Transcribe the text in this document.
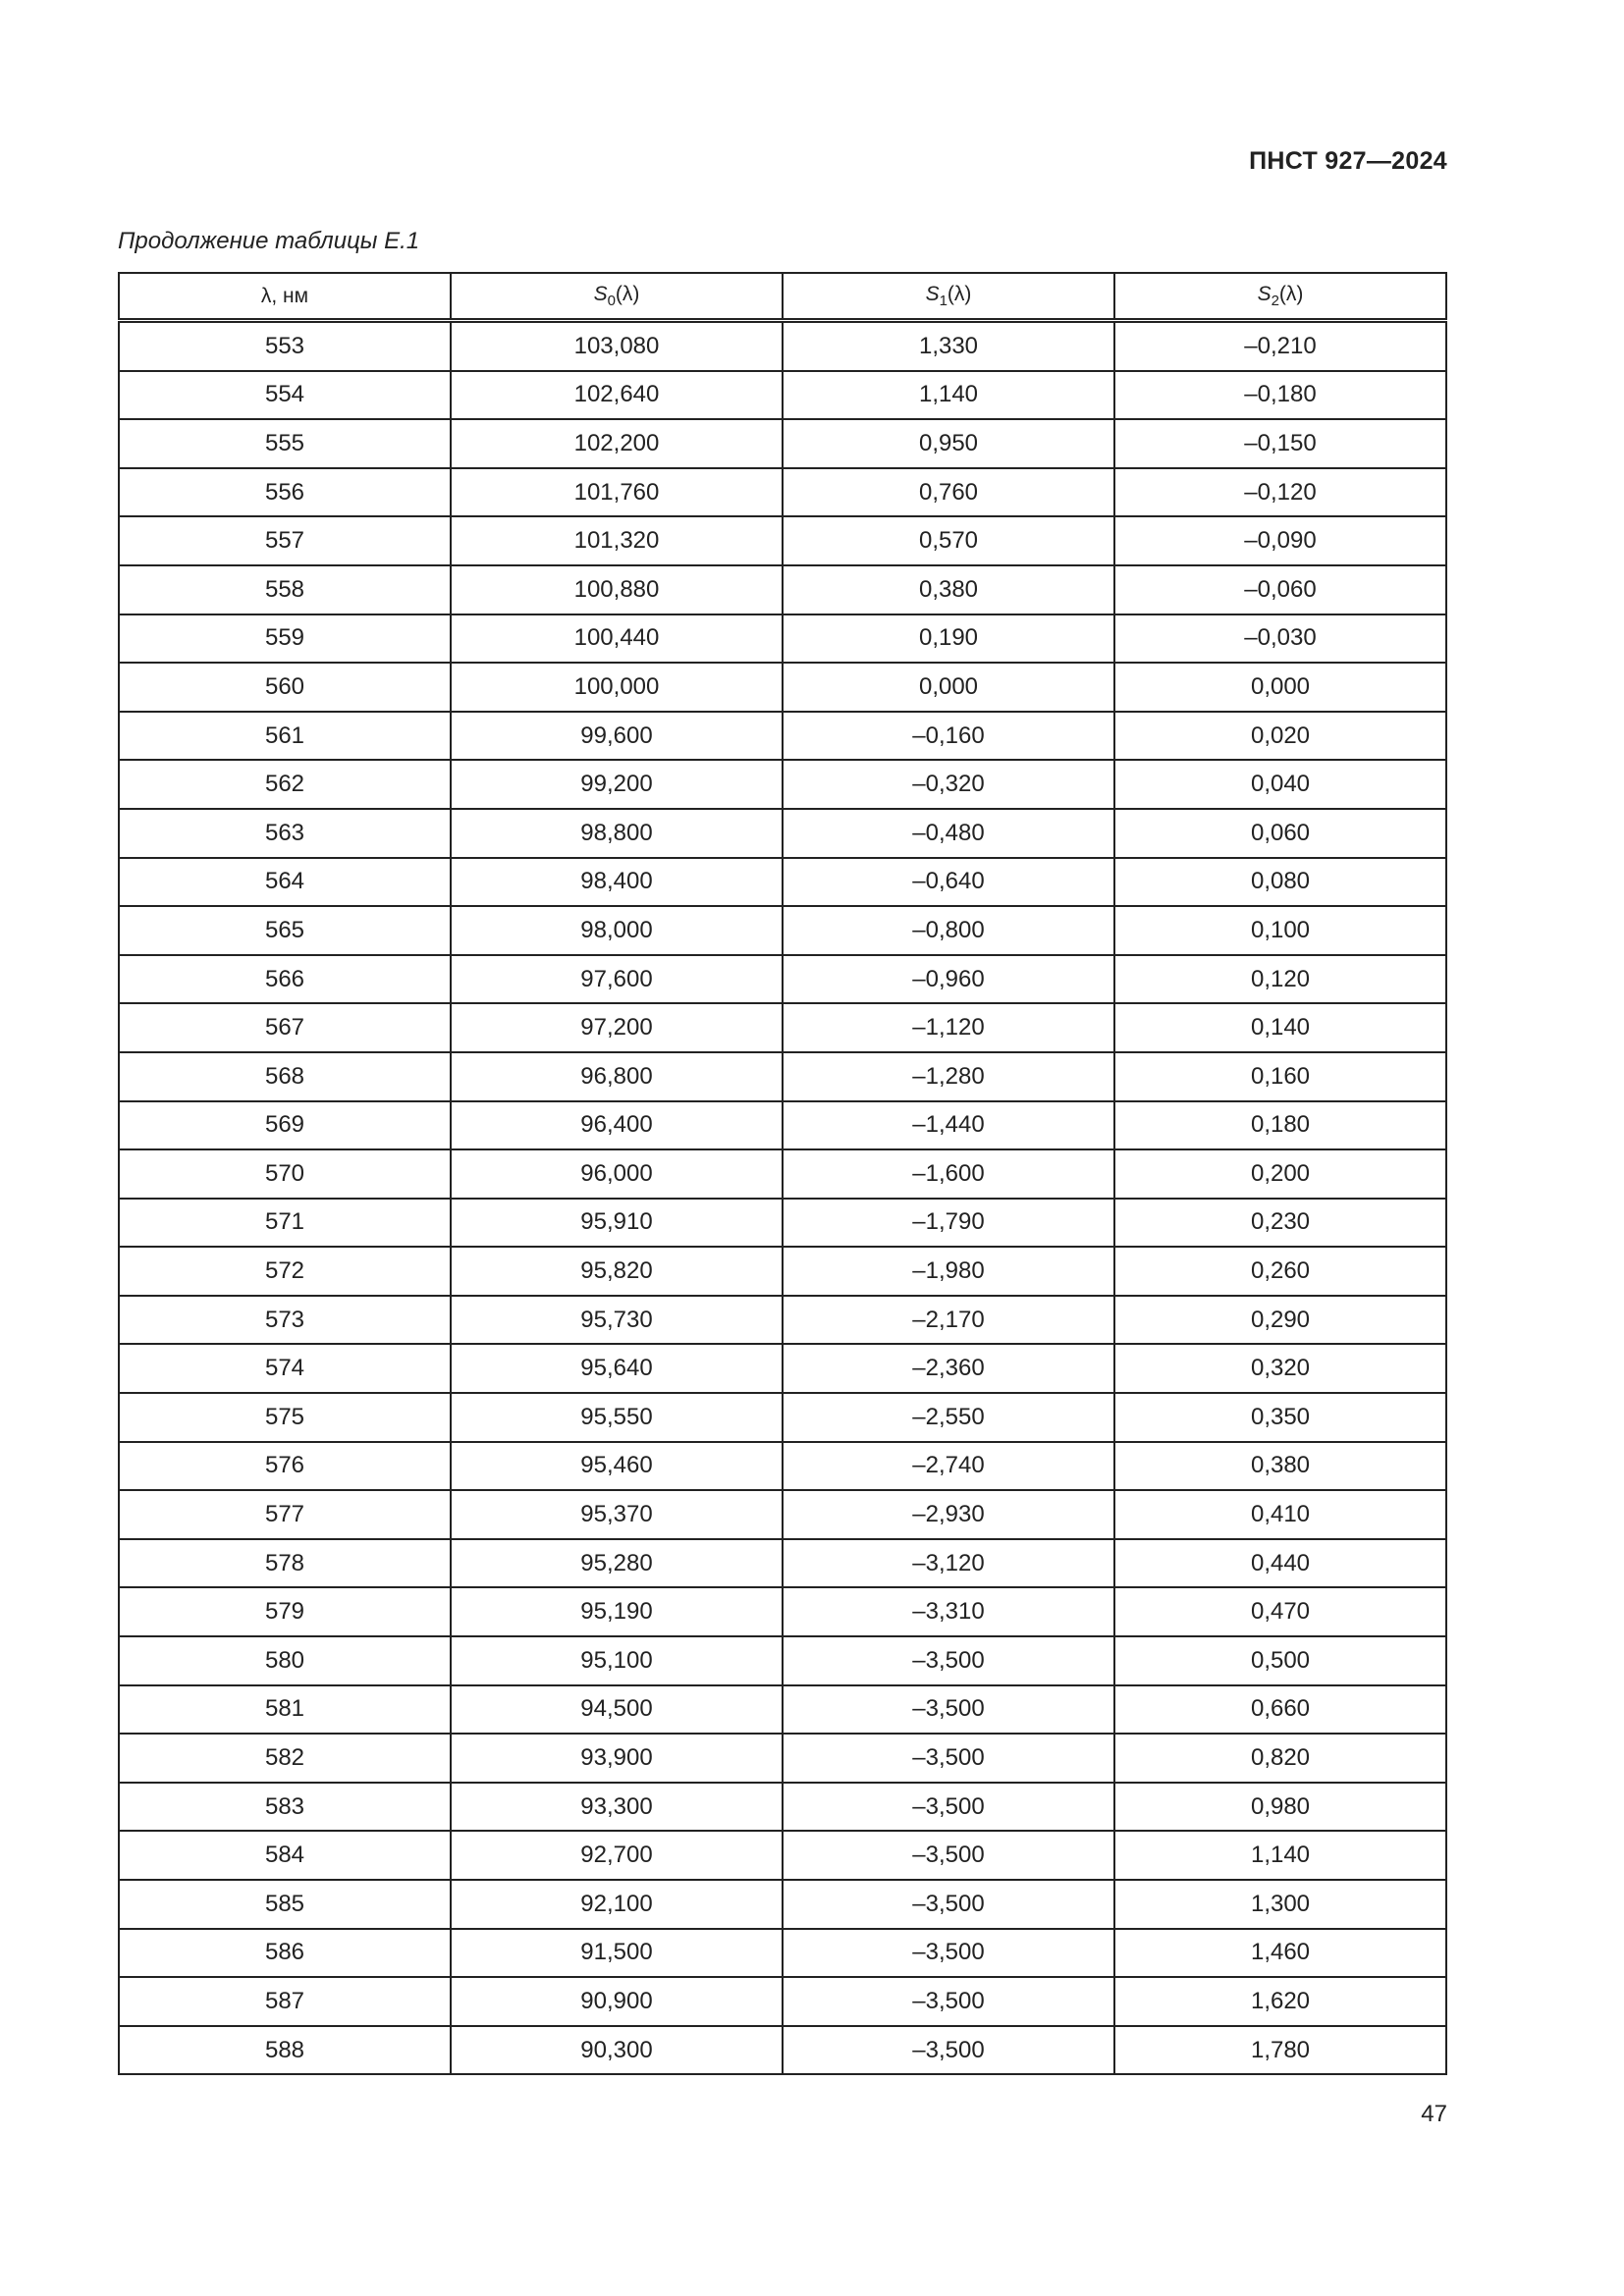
ПНСТ 927—2024
Продолжение таблицы Е.1
λ, нм	$S_0(\lambda)$	$S_1(\lambda)$	$S_2(\lambda)$
553	103,080	1,330	–0,210
554	102,640	1,140	–0,180
555	102,200	0,950	–0,150
556	101,760	0,760	–0,120
557	101,320	0,570	–0,090
558	100,880	0,380	–0,060
559	100,440	0,190	–0,030
560	100,000	0,000	0,000
561	99,600	–0,160	0,020
562	99,200	–0,320	0,040
563	98,800	–0,480	0,060
564	98,400	–0,640	0,080
565	98,000	–0,800	0,100
566	97,600	–0,960	0,120
567	97,200	–1,120	0,140
568	96,800	–1,280	0,160
569	96,400	–1,440	0,180
570	96,000	–1,600	0,200
571	95,910	–1,790	0,230
572	95,820	–1,980	0,260
573	95,730	–2,170	0,290
574	95,640	–2,360	0,320
575	95,550	–2,550	0,350
576	95,460	–2,740	0,380
577	95,370	–2,930	0,410
578	95,280	–3,120	0,440
579	95,190	–3,310	0,470
580	95,100	–3,500	0,500
581	94,500	–3,500	0,660
582	93,900	–3,500	0,820
583	93,300	–3,500	0,980
584	92,700	–3,500	1,140
585	92,100	–3,500	1,300
586	91,500	–3,500	1,460
587	90,900	–3,500	1,620
588	90,300	–3,500	1,780
47
